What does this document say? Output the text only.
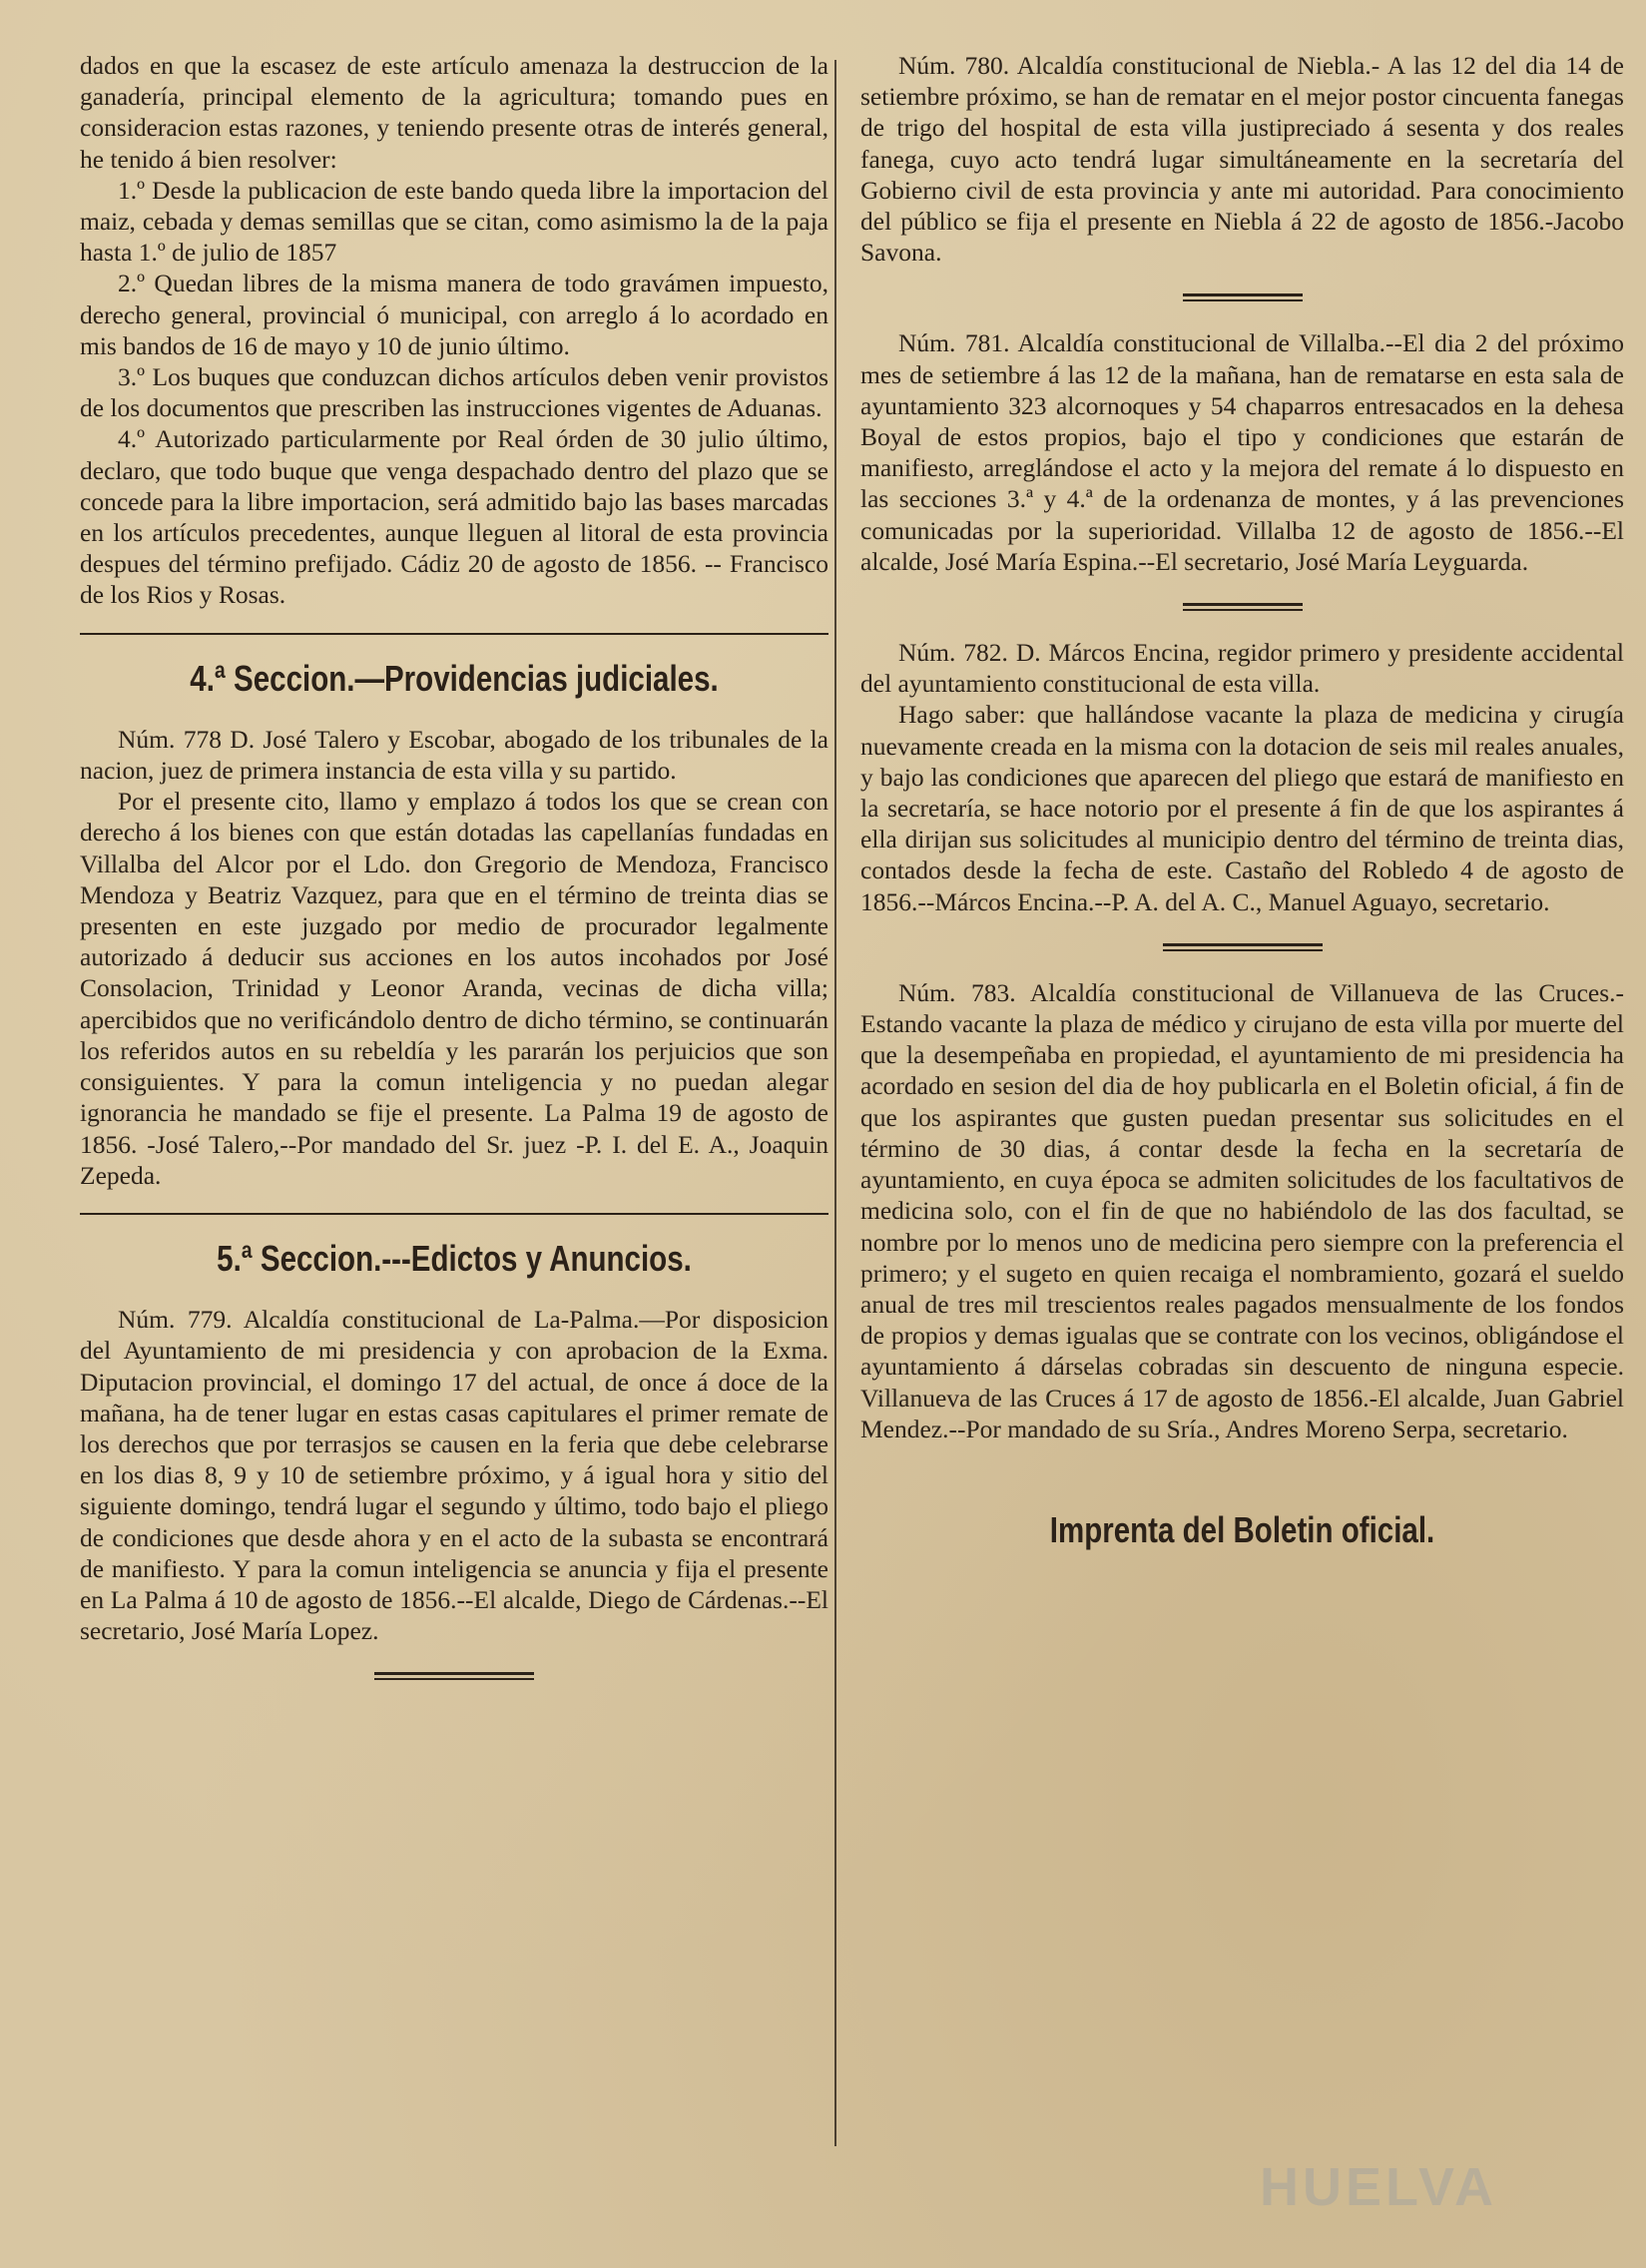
dados en que la escasez de este artículo amenaza la destruccion de la ganadería, principal elemento de la agricultura; tomando pues en consideracion estas razones, y teniendo presente otras de interés general, he tenido á bien resolver:

1.º Desde la publicacion de este bando queda libre la importacion del maiz, cebada y demas semillas que se citan, como asimismo la de la paja hasta 1.º de julio de 1857

2.º Quedan libres de la misma manera de todo gravámen impuesto, derecho general, provincial ó municipal, con arreglo á lo acordado en mis bandos de 16 de mayo y 10 de junio último.

3.º Los buques que conduzcan dichos artículos deben venir provistos de los documentos que prescriben las instrucciones vigentes de Aduanas.

4.º Autorizado particularmente por Real órden de 30 julio último, declaro, que todo buque que venga despachado dentro del plazo que se concede para la libre importacion, será admitido bajo las bases marcadas en los artículos precedentes, aunque lleguen al litoral de esta provincia despues del término prefijado. Cádiz 20 de agosto de 1856. -- Francisco de los Rios y Rosas.

4.ª Seccion.—Providencias judiciales.

Núm. 778 D. José Talero y Escobar, abogado de los tribunales de la nacion, juez de primera instancia de esta villa y su partido.

Por el presente cito, llamo y emplazo á todos los que se crean con derecho á los bienes con que están dotadas las capellanías fundadas en Villalba del Alcor por el Ldo. don Gregorio de Mendoza, Francisco Mendoza y Beatriz Vazquez, para que en el término de treinta dias se presenten en este juzgado por medio de procurador legalmente autorizado á deducir sus acciones en los autos incohados por José Consolacion, Trinidad y Leonor Aranda, vecinas de dicha villa; apercibidos que no verificándolo dentro de dicho término, se continuarán los referidos autos en su rebeldía y les pararán los perjuicios que son consiguientes. Y para la comun inteligencia y no puedan alegar ignorancia he mandado se fije el presente. La Palma 19 de agosto de 1856. -José Talero,--Por mandado del Sr. juez -P. I. del E. A., Joaquin Zepeda.

5.ª Seccion.---Edictos y Anuncios.

Núm. 779. Alcaldía constitucional de La-Palma.—Por disposicion del Ayuntamiento de mi presidencia y con aprobacion de la Exma. Diputacion provincial, el domingo 17 del actual, de once á doce de la mañana, ha de tener lugar en estas casas capitulares el primer remate de los derechos que por terrasjos se causen en la feria que debe celebrarse en los dias 8, 9 y 10 de setiembre próximo, y á igual hora y sitio del siguiente domingo, tendrá lugar el segundo y último, todo bajo el pliego de condiciones que desde ahora y en el acto de la subasta se encontrará de manifiesto. Y para la comun inteligencia se anuncia y fija el presente en La Palma á 10 de agosto de 1856.--El alcalde, Diego de Cárdenas.--El secretario, José María Lopez.

Núm. 780. Alcaldía constitucional de Niebla.- A las 12 del dia 14 de setiembre próximo, se han de rematar en el mejor postor cincuenta fanegas de trigo del hospital de esta villa justipreciado á sesenta y dos reales fanega, cuyo acto tendrá lugar simultáneamente en la secretaría del Gobierno civil de esta provincia y ante mi autoridad. Para conocimiento del público se fija el presente en Niebla á 22 de agosto de 1856.-Jacobo Savona.

Núm. 781. Alcaldía constitucional de Villalba.--El dia 2 del próximo mes de setiembre á las 12 de la mañana, han de rematarse en esta sala de ayuntamiento 323 alcornoques y 54 chaparros entresacados en la dehesa Boyal de estos propios, bajo el tipo y condiciones que estarán de manifiesto, arreglándose el acto y la mejora del remate á lo dispuesto en las secciones 3.ª y 4.ª de la ordenanza de montes, y á las prevenciones comunicadas por la superioridad. Villalba 12 de agosto de 1856.--El alcalde, José María Espina.--El secretario, José María Leyguarda.

Núm. 782. D. Márcos Encina, regidor primero y presidente accidental del ayuntamiento constitucional de esta villa.

Hago saber: que hallándose vacante la plaza de medicina y cirugía nuevamente creada en la misma con la dotacion de seis mil reales anuales, y bajo las condiciones que aparecen del pliego que estará de manifiesto en la secretaría, se hace notorio por el presente á fin de que los aspirantes á ella dirijan sus solicitudes al municipio dentro del término de treinta dias, contados desde la fecha de este. Castaño del Robledo 4 de agosto de 1856.--Márcos Encina.--P. A. del A. C., Manuel Aguayo, secretario.

Núm. 783. Alcaldía constitucional de Villanueva de las Cruces.- Estando vacante la plaza de médico y cirujano de esta villa por muerte del que la desempeñaba en propiedad, el ayuntamiento de mi presidencia ha acordado en sesion del dia de hoy publicarla en el Boletin oficial, á fin de que los aspirantes que gusten puedan presentar sus solicitudes en el término de 30 dias, á contar desde la fecha en la secretaría de ayuntamiento, en cuya época se admiten solicitudes de los facultativos de medicina solo, con el fin de que no habiéndolo de las dos facultad, se nombre por lo menos uno de medicina pero siempre con la preferencia el primero; y el sugeto en quien recaiga el nombramiento, gozará el sueldo anual de tres mil trescientos reales pagados mensualmente de los fondos de propios y demas igualas que se contrate con los vecinos, obligándose el ayuntamiento á dárselas cobradas sin descuento de ninguna especie. Villanueva de las Cruces á 17 de agosto de 1856.-El alcalde, Juan Gabriel Mendez.--Por mandado de su Sría., Andres Moreno Serpa, secretario.

Imprenta del Boletin oficial.
HUELVA
